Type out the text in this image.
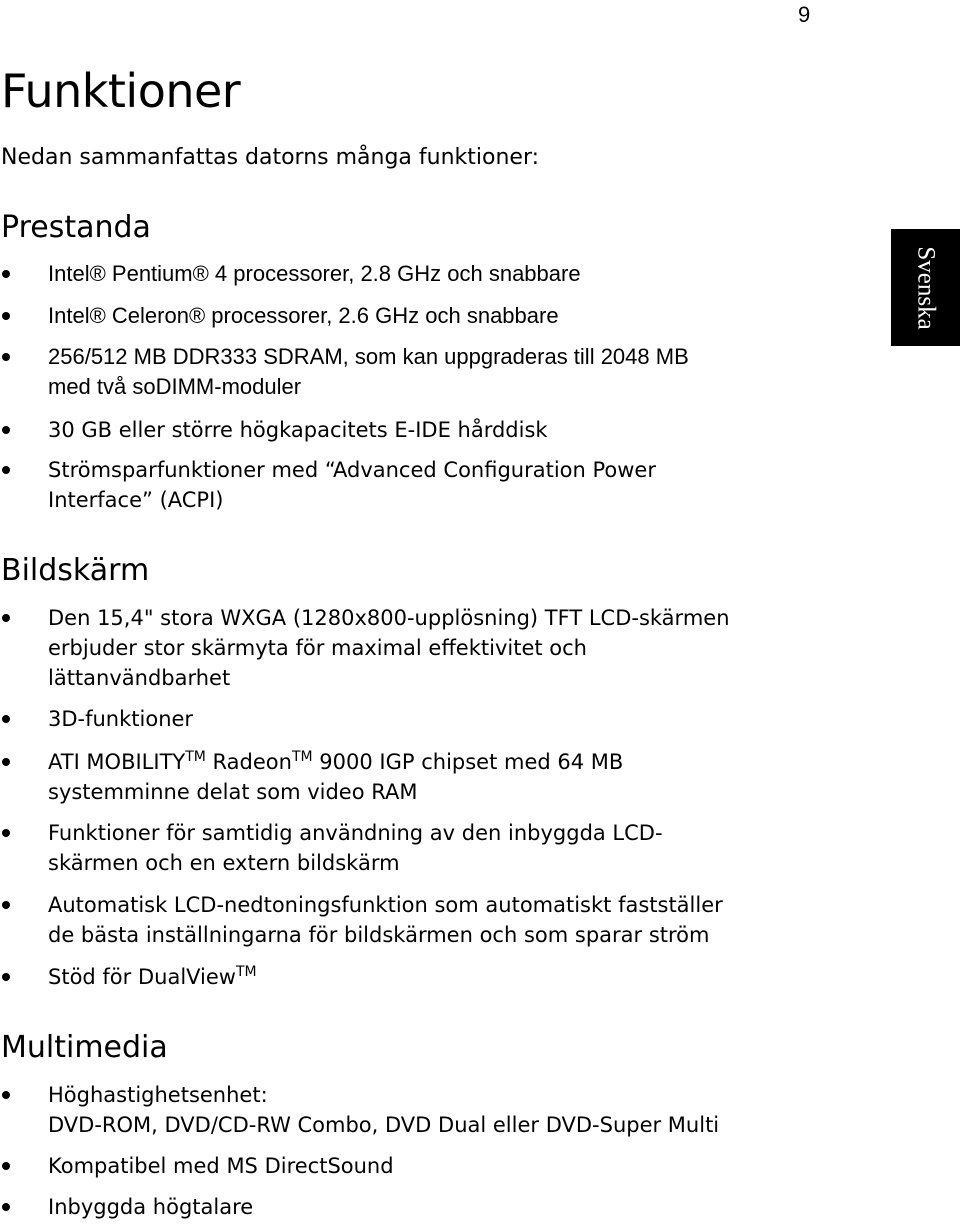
9
Funktioner

Nedan sammanfattas datorns många funktioner:

Svenska
Prestanda
Intel® Pentium® 4 processorer, 2.8 GHz och snabbare
Intel® Celeron® processorer, 2.6 GHz och snabbare
256/512 MB DDR333 SDRAM, som kan uppgraderas till 2048 MB
med två soDIMM-moduler
30 GB eller större högkapacitets E-IDE hårddisk
Strömsparfunktioner med “Advanced Configuration Power
Interface” (ACPI)
Bildskärm
Den 15,4" stora WXGA (1280x800-upplösning) TFT LCD-skärmen
erbjuder stor skärmyta för maximal effektivitet och
lättanvändbarhet
3D-funktioner
ATI MOBILITY™ Radeon™ 9000 IGP chipset med 64 MB
systemminne delat som video RAM
Funktioner för samtidig användning av den inbyggda LCD-
skärmen och en extern bildskärm
Automatisk LCD-nedtoningsfunktion som automatiskt fastställer
de bästa inställningarna för bildskärmen och som sparar ström
Stöd för DualView™
Multimedia
Höghastighetsenhet:
DVD-ROM, DVD/CD-RW Combo, DVD Dual eller DVD-Super Multi
Kompatibel med MS DirectSound
Inbyggda högtalare
